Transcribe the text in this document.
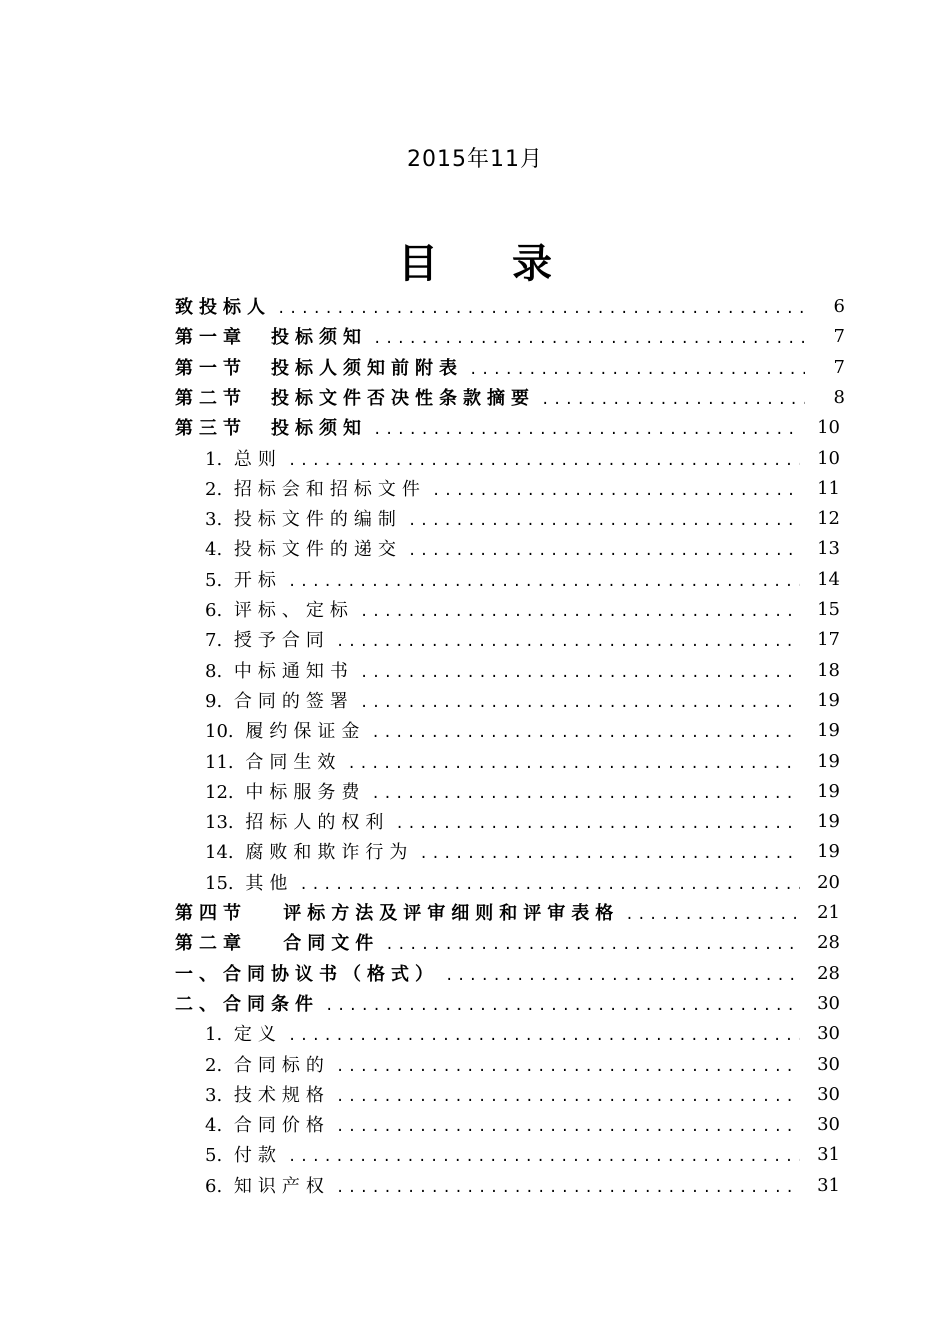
2015年11月
目 录
致投标人 .....	6
第一章　投标须知 .....	7
第一节　投标人须知前附表 .....	7
第二节　投标文件否决性条款摘要 .....	8
第三节　投标须知 .....	10
1. 总则 .....	10
2. 招标会和招标文件 .....	11
3. 投标文件的编制 .....	12
4. 投标文件的递交 .....	13
5. 开标 .....	14
6. 评标、定标 .....	15
7. 授予合同 .....	17
8. 中标通知书 .....	18
9. 合同的签署 .....	19
10. 履约保证金 .....	19
11. 合同生效 .....	19
12. 中标服务费 .....	19
13. 招标人的权利 .....	19
14. 腐败和欺诈行为 .....	19
15. 其他 .....	20
第四节　 评标方法及评审细则和评审表格 .....	21
第二章　 合同文件 .....	28
一、合同协议书（格式） .....	28
二、合同条件 .....	30
1. 定义 .....	30
2. 合同标的 .....	30
3. 技术规格 .....	30
4. 合同价格 .....	30
5. 付款 .....	31
6. 知识产权 .....	31
